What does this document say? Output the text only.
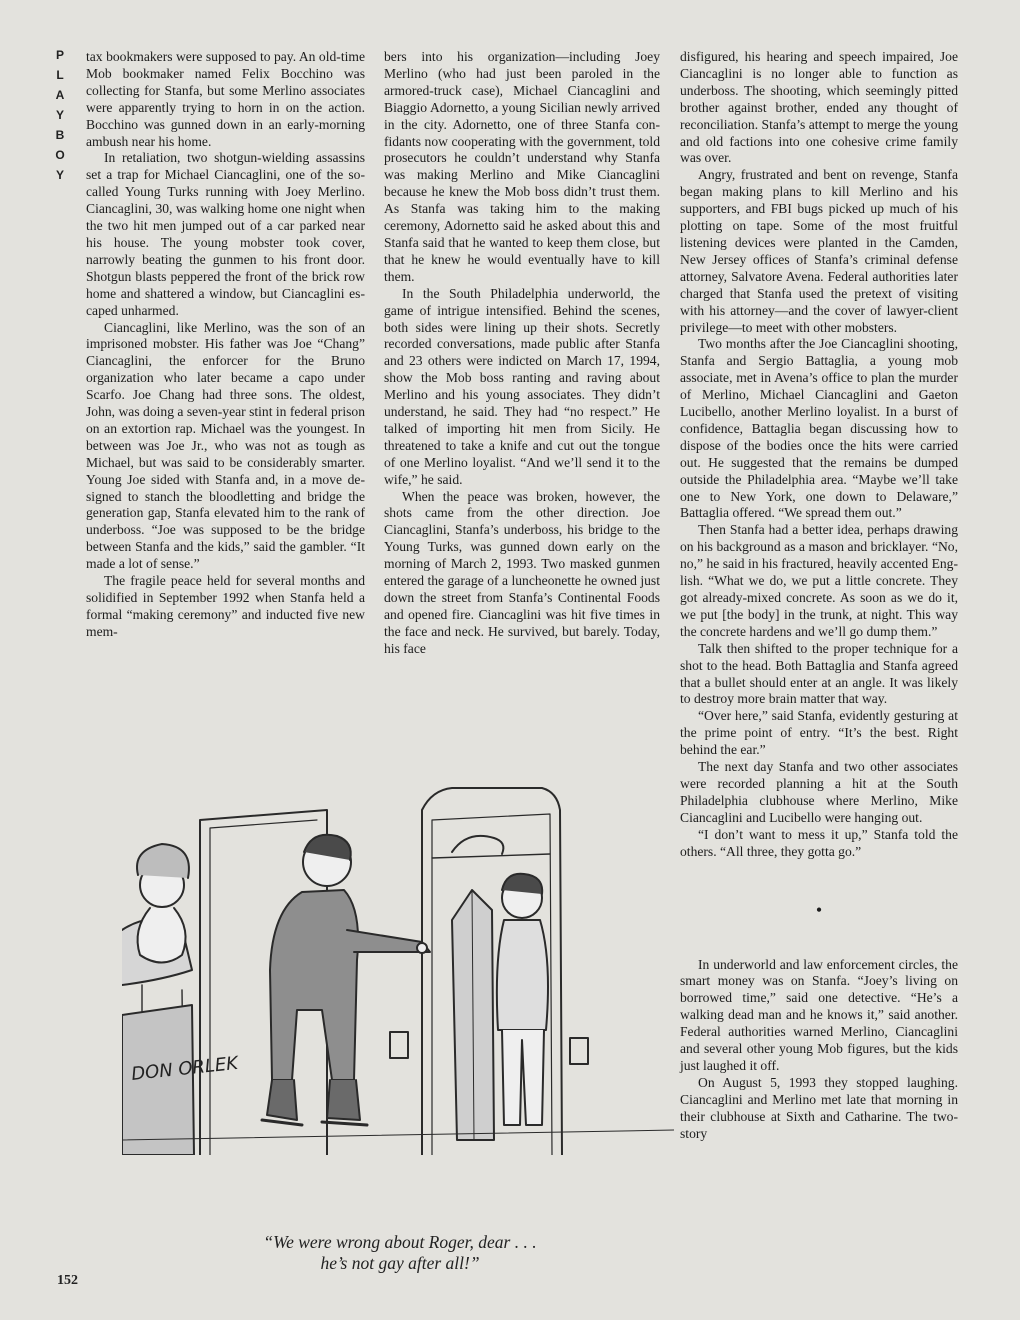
PLAYBOY tax bookmakers were supposed to pay. An old-time Mob bookmaker named Felix Bocchino was collecting for Stanfa, but some Merlino associates were apparently trying to horn in on the action. Bocchino was gunned down in an early-morning ambush near his home.

In retaliation, two shotgun-wielding assassins set a trap for Michael Ciancaglini, one of the so-called Young Turks running with Joey Merlino. Ciancaglini, 30, was walking home one night when the two hit men jumped out of a car parked near his house. The young mobster took cover, narrowly beating the gunmen to his front door. Shotgun blasts peppered the front of the brick row home and shattered a window, but Ciancaglini escaped unharmed.

Ciancaglini, like Merlino, was the son of an imprisoned mobster. His father was Joe “Chang” Ciancaglini, the enforcer for the Bruno organization who later became a capo under Scarfo. Joe Chang had three sons. The oldest, John, was doing a seven-year stint in federal prison on an extortion rap. Michael was the youngest. In between was Joe Jr., who was not as tough as Michael, but was said to be considerably smarter. Young Joe sided with Stanfa and, in a move designed to stanch the bloodletting and bridge the generation gap, Stanfa elevated him to the rank of underboss. “Joe was supposed to be the bridge between Stanfa and the kids,” said the gambler. “It made a lot of sense.”

The fragile peace held for several months and solidified in September 1992 when Stanfa held a formal “making ceremony” and inducted five new mem-

bers into his organization—including Joey Merlino (who had just been paroled in the armored-truck case), Michael Ciancaglini and Biaggio Adornetto, a young Sicilian newly arrived in the city. Adornetto, one of three Stanfa confidants now cooperating with the government, told prosecutors he couldn’t understand why Stanfa was making Merlino and Mike Ciancaglini because he knew the Mob boss didn’t trust them. As Stanfa was taking him to the making ceremony, Adornetto said he asked about this and Stanfa said that he wanted to keep them close, but that he knew he would eventually have to kill them.

In the South Philadelphia underworld, the game of intrigue intensified. Behind the scenes, both sides were lining up their shots. Secretly recorded conversations, made public after Stanfa and 23 others were indicted on March 17, 1994, show the Mob boss ranting and raving about Merlino and his young associates. They didn’t understand, he said. They had “no respect.” He talked of importing hit men from Sicily. He threatened to take a knife and cut out the tongue of one Merlino loyalist. “And we’ll send it to the wife,” he said.

When the peace was broken, however, the shots came from the other direction. Joe Ciancaglini, Stanfa’s underboss, his bridge to the Young Turks, was gunned down early on the morning of March 2, 1993. Two masked gunmen entered the garage of a luncheonette he owned just down the street from Stanfa’s Continental Foods and opened fire. Ciancaglini was hit five times in the face and neck. He survived, but barely. Today, his face

disfigured, his hearing and speech impaired, Joe Ciancaglini is no longer able to function as underboss. The shooting, which seemingly pitted brother against brother, ended any thought of reconciliation. Stanfa’s attempt to merge the young and old factions into one cohesive crime family was over.

Angry, frustrated and bent on revenge, Stanfa began making plans to kill Merlino and his supporters, and FBI bugs picked up much of his plotting on tape. Some of the most fruitful listening devices were planted in the Camden, New Jersey offices of Stanfa’s criminal defense attorney, Salvatore Avena. Federal authorities later charged that Stanfa used the pretext of visiting with his attorney—and the cover of lawyer-client privilege—to meet with other mobsters.

Two months after the Joe Ciancaglini shooting, Stanfa and Sergio Battaglia, a young mob associate, met in Avena’s office to plan the murder of Merlino, Michael Ciancaglini and Gaeton Lucibello, another Merlino loyalist. In a burst of confidence, Battaglia began discussing how to dispose of the bodies once the hits were carried out. He suggested that the remains be dumped outside the Philadelphia area. “Maybe we’ll take one to New York, one down to Delaware,” Battaglia offered. “We spread them out.”

Then Stanfa had a better idea, perhaps drawing on his background as a mason and bricklayer. “No, no,” he said in his fractured, heavily accented English. “What we do, we put a little concrete. They got already-mixed concrete. As soon as we do it, we put [the body] in the trunk, at night. This way the concrete hardens and we’ll go dump them.”

Talk then shifted to the proper technique for a shot to the head. Both Battaglia and Stanfa agreed that a bullet should enter at an angle. It was likely to destroy more brain matter that way.

“Over here,” said Stanfa, evidently gesturing at the prime point of entry. “It’s the best. Right behind the ear.”

The next day Stanfa and two other associates were recorded planning a hit at the South Philadelphia clubhouse where Merlino, Mike Ciancaglini and Lucibello were hanging out.

“I don’t want to mess it up,” Stanfa told the others. “All three, they gotta go.”

•

In underworld and law enforcement circles, the smart money was on Stanfa. “Joey’s living on borrowed time,” said one detective. “He’s a walking dead man and he knows it,” said another. Federal authorities warned Merlino, Ciancaglini and several other young Mob figures, but the kids just laughed it off.

On August 5, 1993 they stopped laughing. Ciancaglini and Merlino met late that morning in their clubhouse at Sixth and Catharine. The two-story

DON ORLEK
“We were wrong about Roger, dear . . .
he’s not gay after all!”
152
